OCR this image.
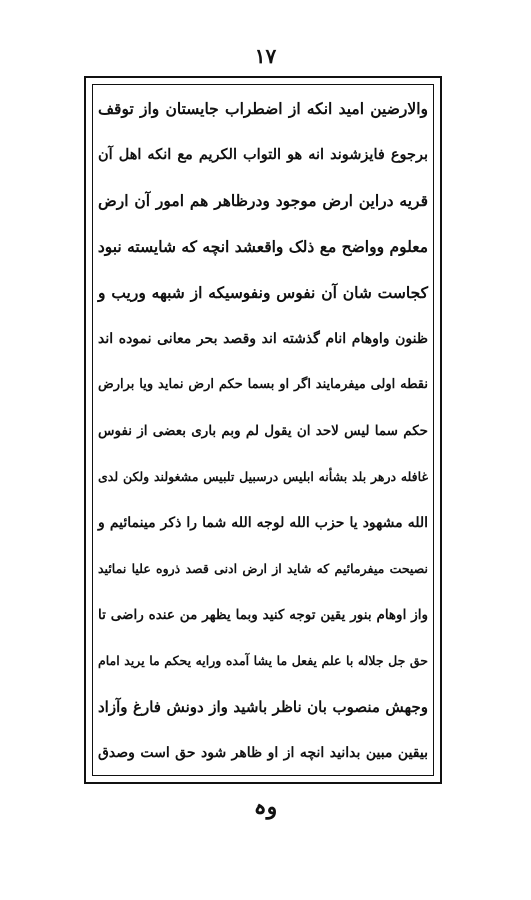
١٧
والارضین امید انکه از اضطراب جایستان واز توقف
برجوع فایزشوند انه هو التواب الکریم مع انکه اهل آن
قریه دراین ارض موجود ودرظاهر هم امور آن ارض
معلوم وواضح مع ذلک واقعشد انچه که شایسته نبود
کجاست شان آن نفوس ونفوسیکه از شبهه وریب و
ظنون واوهام انام گذشته اند وقصد بحر معانی نموده اند
نقطه اولی میفرمایند اگر او بسما حکم ارض نماید ویا برارض
حکم سما لیس لاحد ان یقول لم وبم باری بعضی از نفوس
غافله درهر بلد بشأنه ابلیس درسبیل تلبیس مشغولند ولکن لدی
الله مشهود یا حزب الله لوجه الله شما را ذکر مینمائیم و
نصیحت میفرمائیم که شاید از ارض ادنی قصد ذروه علیا نمائید
واز اوهام بنور یقین توجه کنید وبما یظهر من عنده راضی تا
حق جل جلاله با علم یفعل ما یشا آمده ورایه یحکم ما یرید امام
وجهش منصوب بان ناظر باشید واز دونش فارغ وآزاد
بیقین مبین بدانید انچه از او ظاهر شود حق است وصدق
وہ
